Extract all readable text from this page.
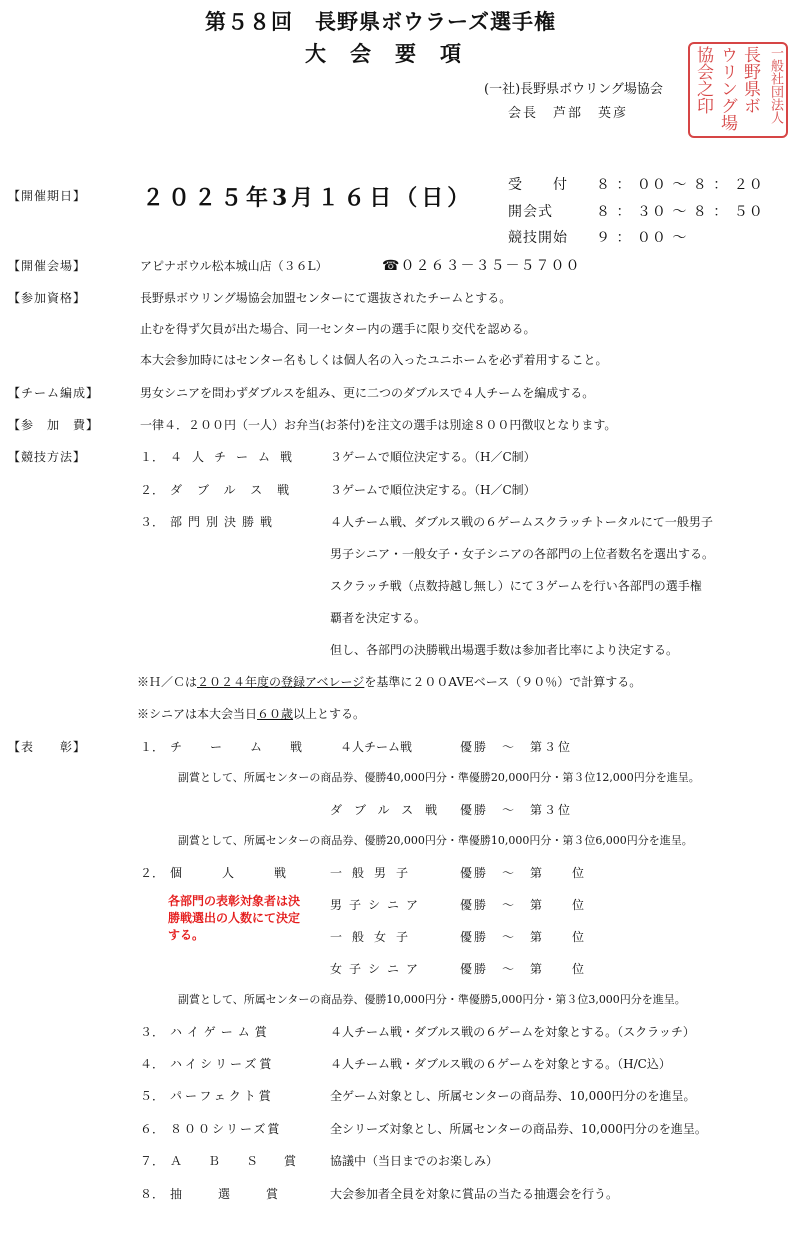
第５８回　長野県ボウラーズ選手権
大会要項
(一社)長野県ボウリング場協会
会長　芦部　英彦	一般社団法人
長野県ボ
ウリング場
協会之印
【開催期日】	２０２５年3月１６日（日） 受　　付 ８ ： ００ ～ ８ ： ２０
開会式	８ ： ３０ ～ ８ ： ５０
競技開始 ９ ： ００ ～
【開催会場】	アピナボウル松本城山店（３６L）	☎０２６３－３５－５７００
【参加資格】	長野県ボウリング場協会加盟センターにて選抜されたチームとする。
止むを得ず欠員が出た場合、同一センター内の選手に限り交代を認める。
本大会参加時にはセンター名もしくは個人名の入ったユニホームを必ず着用すること。
【チーム編成】	男女シニアを問わずダブルスを組み、更に二つのダブルスで４人チームを編成する。
【参　加　費】	一律４．２００円（一人）お弁当(お茶付)を注文の選手は別途８００円徴収となります。
【競技方法】	１． ４人チーム戦 ３ゲームで順位決定する。（H／C制）
２． ダブルス戦 ３ゲームで順位決定する。（H／C制）
３． 部門別決勝戦	４人チーム戦、ダブルス戦の６ゲームスクラッチトータルにて一般男子
男子シニア・一般女子・女子シニアの各部門の上位者数名を選出する。
スクラッチ戦（点数持越し無し）にて３ゲームを行い各部門の選手権
覇者を決定する。
但し、各部門の決勝戦出場選手数は参加者比率により決定する。
※Ｈ／Ｃは２０２４年度の登録アベレージを基準に２００AVEベース（９０％）で計算する。
※シニアは本大会当日６０歳以上とする。
【表　　彰】	１． チーム戦 ４人チーム戦	優勝　～　第３位
副賞として、所属センターの商品券、優勝40,000円分・準優勝20,000円分・第３位12,000円分を進呈。
ダブルス戦 優勝　～　第３位
副賞として、所属センターの商品券、優勝20,000円分・準優勝10,000円分・第３位6,000円分を進呈。
２． 個人戦
各部門の表彰対象者は決勝戦選出の人数にて決定する。
一般男子	優勝　～　第　　位
男子シニア	優勝　～　第　　位
一般女子	優勝　～　第　　位
女子シニア	優勝　～　第　　位
副賞として、所属センターの商品券、優勝10,000円分・準優勝5,000円分・第３位3,000円分を進呈。
３． ハイゲーム賞	４人チーム戦・ダブルス戦の６ゲームを対象とする。（スクラッチ）
４． ハイシリーズ賞	４人チーム戦・ダブルス戦の６ゲームを対象とする。（H/C込）
５． パーフェクト賞	全ゲーム対象とし、所属センターの商品券、10,000円分のを進呈。
６． ８００シリーズ賞	全シリーズ対象とし、所属センターの商品券、10,000円分のを進呈。
７． ＡＢＳ賞 協議中（当日までのお楽しみ）
８． 抽選賞 大会参加者全員を対象に賞品の当たる抽選会を行う。
